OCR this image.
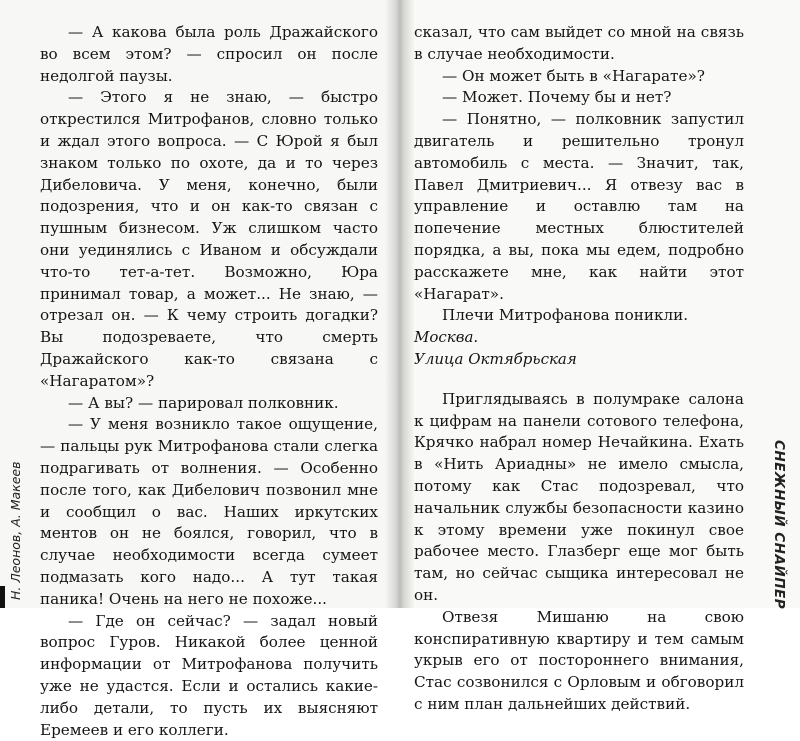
— А какова была роль Дражайского во всем этом? — спросил он после недолгой паузы.

— Этого я не знаю, — быстро открестился Митрофанов, словно только и ждал этого вопроса. — С Юрой я был знаком только по охоте, да и то через Дибеловича. У меня, конечно, были подозрения, что и он как-то связан с пушным бизнесом. Уж слишком часто они уединялись с Иваном и обсуждали что-то тет-а-тет. Возможно, Юра принимал товар, а может... Не знаю, — отрезал он. — К чему строить догадки? Вы подозреваете, что смерть Дражайского как-то связана с «Нагаратом»?

— А вы? — парировал полковник.

— У меня возникло такое ощущение, — пальцы рук Митрофанова стали слегка подрагивать от волнения. — Особенно после того, как Дибелович позвонил мне и сообщил о вас. Наших иркутских ментов он не боялся, говорил, что в случае необходимости всегда сумеет подмазать кого надо... А тут такая паника! Очень на него не похоже...

— Где он сейчас? — задал новый вопрос Гуров. Никакой более ценной информации от Митрофанова получить уже не удастся. Если и остались какие-либо детали, то пусть их выясняют Еремеев и его коллеги.

сказал, что сам выйдет со мной на связь в случае необходимости.

— Он может быть в «Нагарате»?

— Может. Почему бы и нет?

— Понятно, — полковник запустил двигатель и решительно тронул автомобиль с места. — Значит, так, Павел Дмитриевич... Я отвезу вас в управление и оставлю там на попечение местных блюстителей порядка, а вы, пока мы едем, подробно расскажете мне, как найти этот «Нагарат».

Плечи Митрофанова поникли.

Москва.

Улица Октябрьская

Приглядываясь в полумраке салона к цифрам на панели сотового телефона, Крячко набрал номер Нечайкина. Ехать в «Нить Ариадны» не имело смысла, потому как Стас подозревал, что начальник службы безопасности казино к этому времени уже покинул свое рабочее место. Глазберг еще мог быть там, но сейчас сыщика интересовал не он.

Отвезя Мишаню на свою конспиративную квартиру и тем самым укрыв его от постороннего внимания, Стас созвонился с Орловым и обговорил с ним план дальнейших действий.

Н. Леонов, А. Макеев	СНЕЖНЫЙ СНАЙПЕР
